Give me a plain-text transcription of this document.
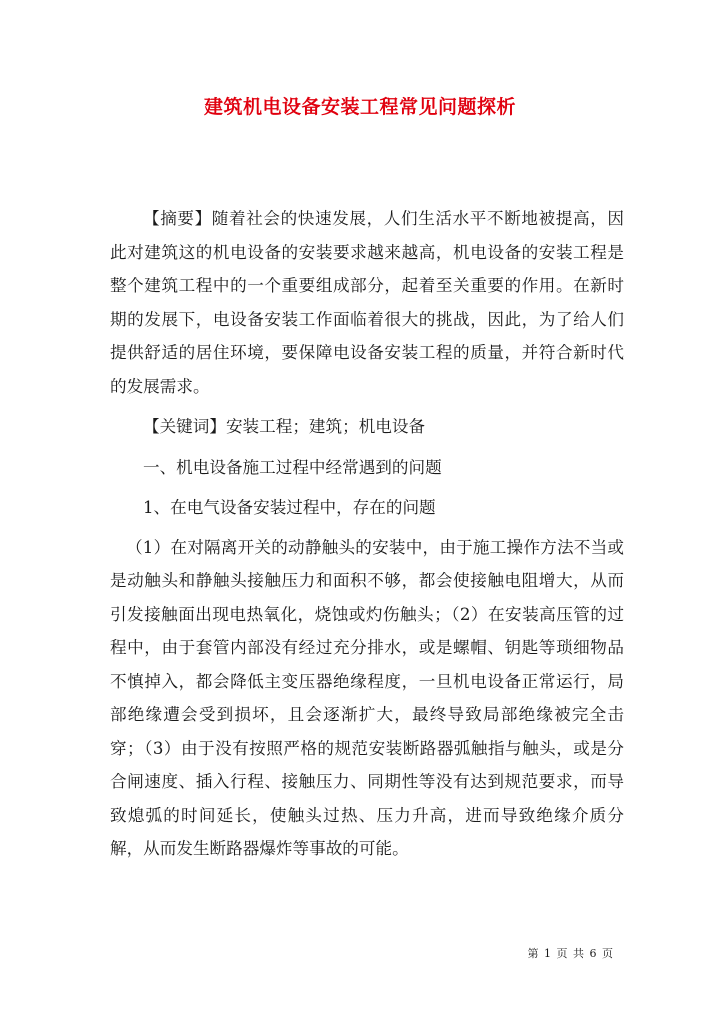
建筑机电设备安装工程常见问题探析

【摘要】随着社会的快速发展，人们生活水平不断地被提高，因此对建筑这的机电设备的安装要求越来越高，机电设备的安装工程是整个建筑工程中的一个重要组成部分，起着至关重要的作用。在新时期的发展下，电设备安装工作面临着很大的挑战，因此，为了给人们提供舒适的居住环境，要保障电设备安装工程的质量，并符合新时代的发展需求。

【关键词】安装工程；建筑；机电设备

一、机电设备施工过程中经常遇到的问题

1、在电气设备安装过程中，存在的问题

（1）在对隔离开关的动静触头的安装中，由于施工操作方法不当或是动触头和静触头接触压力和面积不够，都会使接触电阻增大，从而引发接触面出现电热氧化，烧蚀或灼伤触头；（2）在安装高压管的过程中，由于套管内部没有经过充分排水，或是螺帽、钥匙等琐细物品不慎掉入，都会降低主变压器绝缘程度，一旦机电设备正常运行，局部绝缘遭会受到损坏，且会逐渐扩大，最终导致局部绝缘被完全击穿；（3）由于没有按照严格的规范安装断路器弧触指与触头，或是分合闸速度、插入行程、接触压力、同期性等没有达到规范要求，而导致熄弧的时间延长，使触头过热、压力升高，进而导致绝缘介质分解，从而发生断路器爆炸等事故的可能。

第 1 页 共 6 页
